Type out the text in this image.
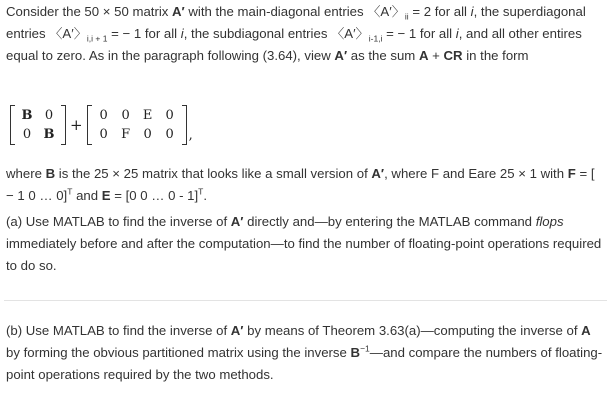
Consider the 50 × 50 matrix A′ with the main-diagonal entries 〈A′〉$_{ii}$ = 2 for all i, the superdiagonal entries 〈A′〉$_{i,i + 1}$ = − 1 for all i, the subdiagonal entries 〈A′〉$_{i-1,i}$ = − 1 for all i, and all other entires equal to zero. As in the paragraph following (3.64), view A′ as the sum A + CR in the form
B 0
0 B
+
0	0	E	0
0	F	0	0	,
where B is the 25 × 25 matrix that looks like a small version of A′, where F and Eare 25 × 1 with F = [ − 1 0 … 0]$^T$ and E = [0 0 … 0 - 1]$^T$.
(a) Use MATLAB to find the inverse of A′ directly and—by entering the MATLAB command flops immediately before and after the computation—to find the number of floating-point operations required to do so.
(b) Use MATLAB to find the inverse of A′ by means of Theorem 3.63(a)—computing the inverse of A by forming the obvious partitioned matrix using the inverse $B^{-1}—and$ compare the numbers of floating-point operations required by the two methods.
